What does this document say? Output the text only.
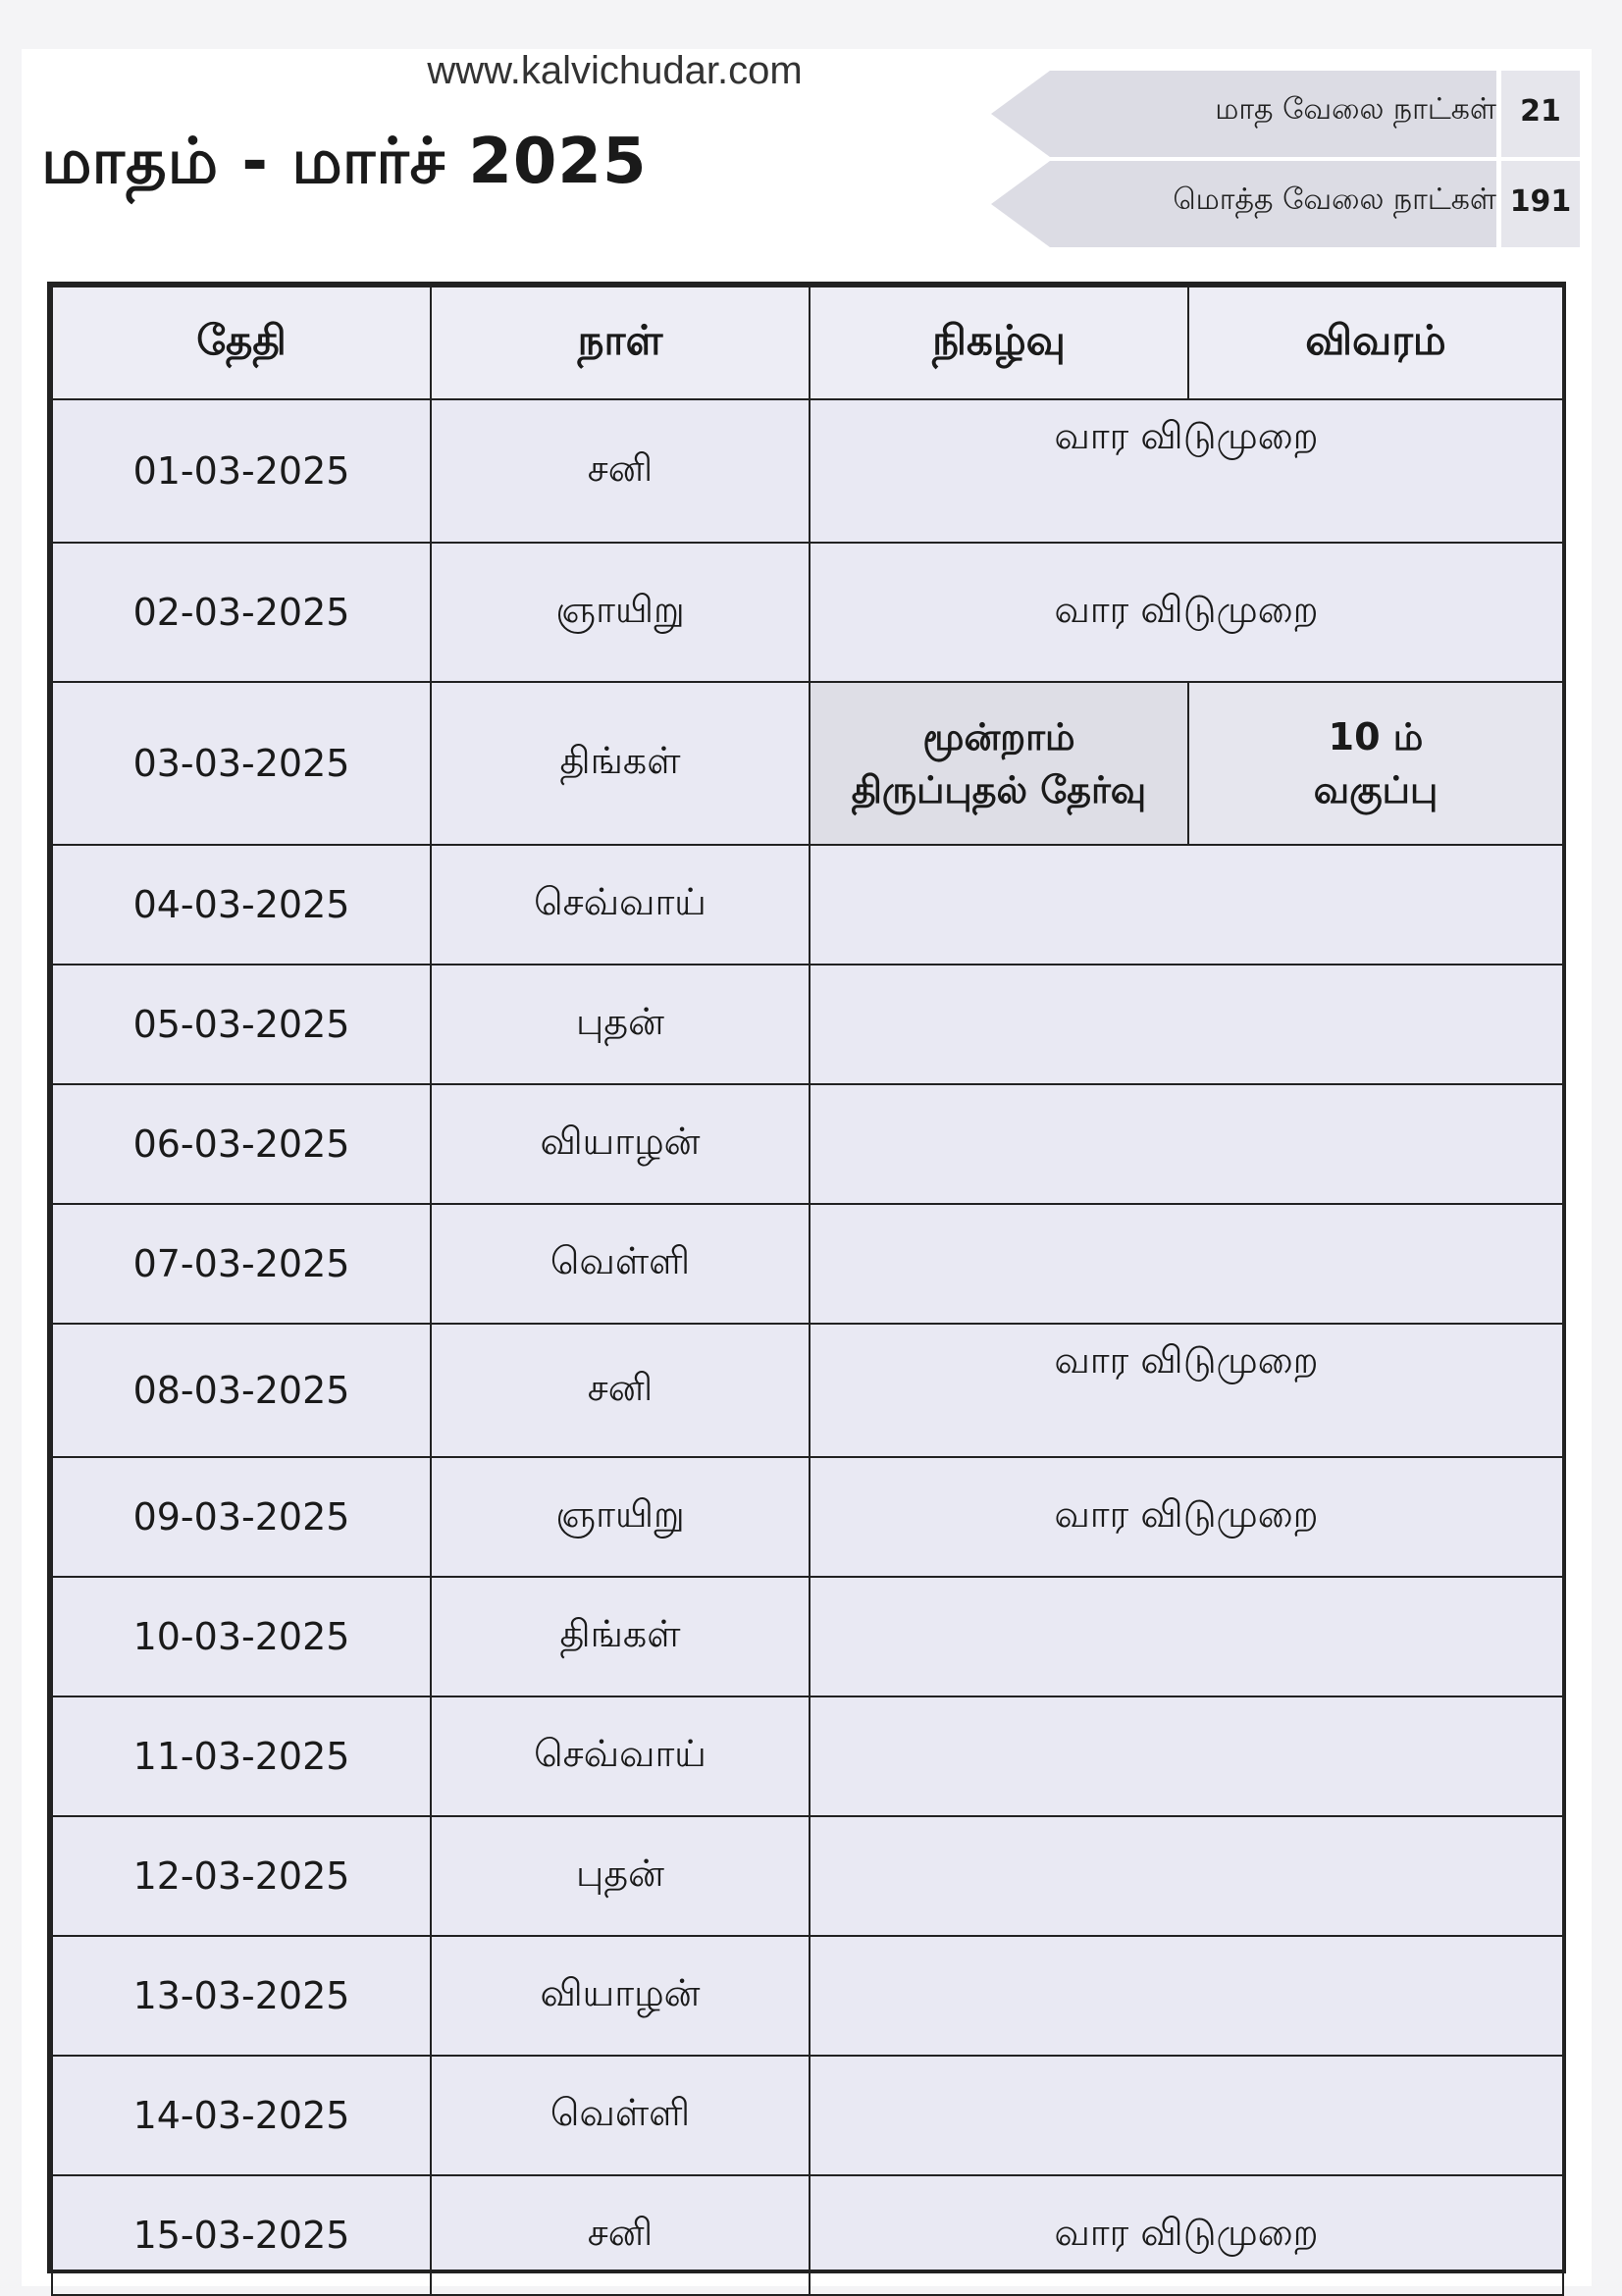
www.kalvichudar.com
மாதம் - மார்ச் 2025
மாத வேலை நாட்கள் 21
மொத்த வேலை நாட்கள் 191
தேதி	நாள்	நிகழ்வு	விவரம்
01-03-2025	சனி	வார விடுமுறை	
02-03-2025	ஞாயிறு	வார விடுமுறை	
03-03-2025	திங்கள்	மூன்றாம் திருப்புதல் தேர்வு	10 ம் வகுப்பு
04-03-2025	செவ்வாய்		
05-03-2025	புதன்		
06-03-2025	வியாழன்		
07-03-2025	வெள்ளி		
08-03-2025	சனி	வார விடுமுறை	
09-03-2025	ஞாயிறு	வார விடுமுறை	
10-03-2025	திங்கள்		
11-03-2025	செவ்வாய்		
12-03-2025	புதன்		
13-03-2025	வியாழன்		
14-03-2025	வெள்ளி		
15-03-2025	சனி	வார விடுமுறை	
